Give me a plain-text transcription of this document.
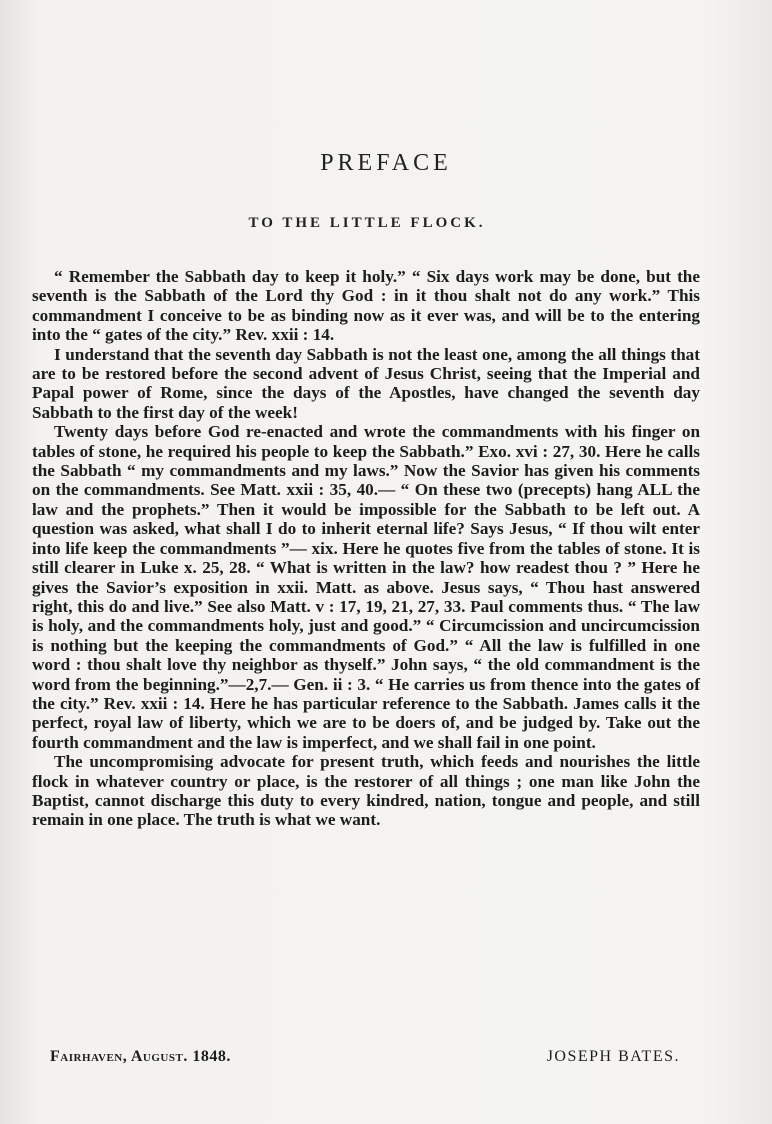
PREFACE
TO THE LITTLE FLOCK.

“ Remember the Sabbath day to keep it holy.” “ Six days work may be done, but the seventh is the Sabbath of the Lord thy God : in it thou shalt not do any work.” This commandment I conceive to be as binding now as it ever was, and will be to the entering into the “ gates of the city.” Rev. xxii : 14.

I understand that the seventh day Sabbath is not the least one, among the all things that are to be restored before the second advent of Jesus Christ, seeing that the Imperial and Papal power of Rome, since the days of the Apostles, have changed the seventh day Sabbath to the first day of the week!

Twenty days before God re-enacted and wrote the commandments with his finger on tables of stone, he required his people to keep the Sabbath.” Exo. xvi : 27, 30. Here he calls the Sabbath “ my commandments and my laws.” Now the Savior has given his comments on the commandments. See Matt. xxii : 35, 40.— “ On these two (precepts) hang ALL the law and the prophets.” Then it would be impossible for the Sabbath to be left out. A question was asked, what shall I do to inherit eternal life? Says Jesus, “ If thou wilt enter into life keep the commandments ”— xix. Here he quotes five from the tables of stone. It is still clearer in Luke x. 25, 28. “ What is written in the law? how readest thou ? ” Here he gives the Savior’s exposition in xxii. Matt. as above. Jesus says, “ Thou hast answered right, this do and live.” See also Matt. v : 17, 19, 21, 27, 33. Paul comments thus. “ The law is holy, and the commandments holy, just and good.” “ Circumcission and uncircumcission is nothing but the keeping the commandments of God.” “ All the law is fulfilled in one word : thou shalt love thy neighbor as thyself.” John says, “ the old commandment is the word from the beginning.”—2,7.— Gen. ii : 3. “ He carries us from thence into the gates of the city.” Rev. xxii : 14. Here he has particular reference to the Sabbath. James calls it the perfect, royal law of liberty, which we are to be doers of, and be judged by. Take out the fourth commandment and the law is imperfect, and we shall fail in one point.

The uncompromising advocate for present truth, which feeds and nourishes the little flock in whatever country or place, is the restorer of all things ; one man like John the Baptist, cannot discharge this duty to every kindred, nation, tongue and people, and still remain in one place. The truth is what we want.

Fairhaven, August. 1848.	JOSEPH BATES.
